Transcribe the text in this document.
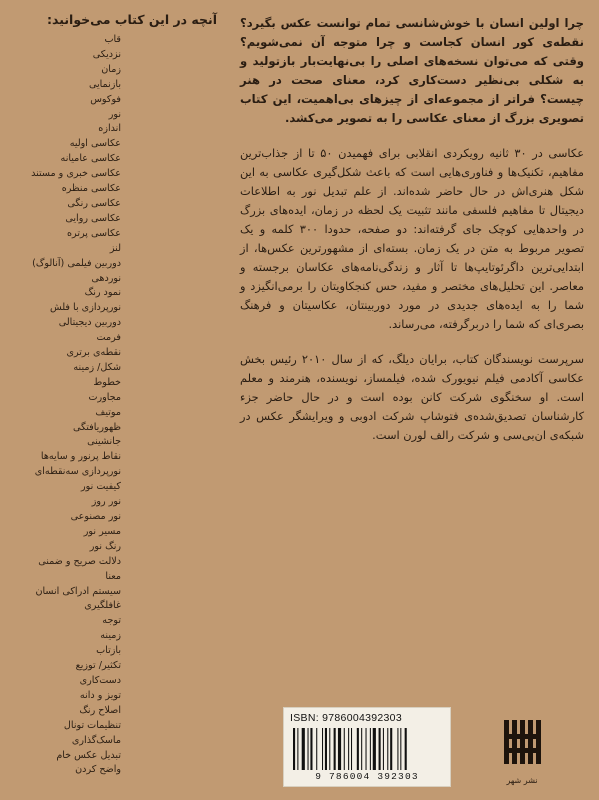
چرا اولین انسان با خوش‌شانسی تمام توانست عکس بگیرد؟ نقطه‌ی کور انسان کجاست و چرا متوجه آن نمی‌شویم؟ وقتی که می‌توان نسخه‌های اصلی را بی‌نهایت‌بار بازتولید و به شکلی بی‌نظیر دست‌کاری کرد، معنای صحت در هنر چیست؟ فراتر از مجموعه‌ای از چیزهای بی‌اهمیت، این کتاب تصویری بزرگ از معنای عکاسی را به تصویر می‌کشد.

عکاسی در ۳۰ ثانیه رویکردی انقلابی برای فهمیدن ۵۰ تا از جذاب‌ترین مفاهیم، تکنیک‌ها و فناوری‌هایی است که باعث شکل‌گیری عکاسی به این شکل هنری‌اش در حال حاضر شده‌اند. از علم تبدیل نور به اطلاعات دیجیتال تا مفاهیم فلسفی مانند تثبیت یک لحظه در زمان، ایده‌های بزرگ در واحدهایی کوچک جای گرفته‌اند: دو صفحه، حدودا ۳۰۰ کلمه و یک تصویر مربوط به متن در یک زمان. بسته‌ای از مشهورترین عکس‌ها، از ابتدایی‌ترین داگرئوتایپ‌ها تا آثار و زندگی‌نامه‌های عکاسان برجسته و معاصر. این تحلیل‌های مختصر و مفید، حس کنجکاویتان را برمی‌انگیزد و شما را به ایده‌های جدیدی در مورد دوربینتان، عکاسیتان و فرهنگ بصری‌ای که شما را دربرگرفته، می‌رساند.

سرپرست نویسندگان کتاب، برایان دیلگ، که از سال ۲۰۱۰ رئیس بخش عکاسی آکادمی فیلم نیویورک شده، فیلمساز، نویسنده، هنرمند و معلم است. او سخنگوی شرکت کانن بوده است و در حال حاضر جزء کارشناسان تصدیق‌شده‌ی فتوشاپ شرکت ادوبی و ویرایشگر عکس در شبکه‌ی ان‌بی‌سی و شرکت رالف لورن است.

آنچه در این کتاب می‌خوانید:
قاب
نزدیکی
زمان
بازنمایی
فوکوس
نور
اندازه
عکاسی اولیه
عکاسی عامیانه
عکاسی خبری و مستند
عکاسی منظره
عکاسی رنگی
عکاسی روایی
عکاسی پرتره
لنز
دوربین فیلمی (آنالوگ)
نوردهی
نمود رنگ
نورپردازی با فلش
دوربین دیجیتالی
فرمت
نقطه‌ی برتری
شکل/ زمینه
خطوط
مجاورت
موتیف
ظهوریافتگی
جانشینی
نقاط پرنور و سایه‌ها
نورپردازی سه‌نقطه‌ای
کیفیت نور
نور روز
نور مصنوعی
مسیر نور
رنگ نور
دلالت صریح و ضمنی
معنا
سیستم ادراکی انسان
غافلگیری
توجه
زمینه
بازتاب
تکثیر/ توزیع
دست‌کاری
تویز و دانه
اصلاح رنگ
تنظیمات تونال
ماسک‌گذاری
تبدیل عکس خام
واضح کردن
ISBN: 9786004392303
9 786004 392303	نشر شهر
